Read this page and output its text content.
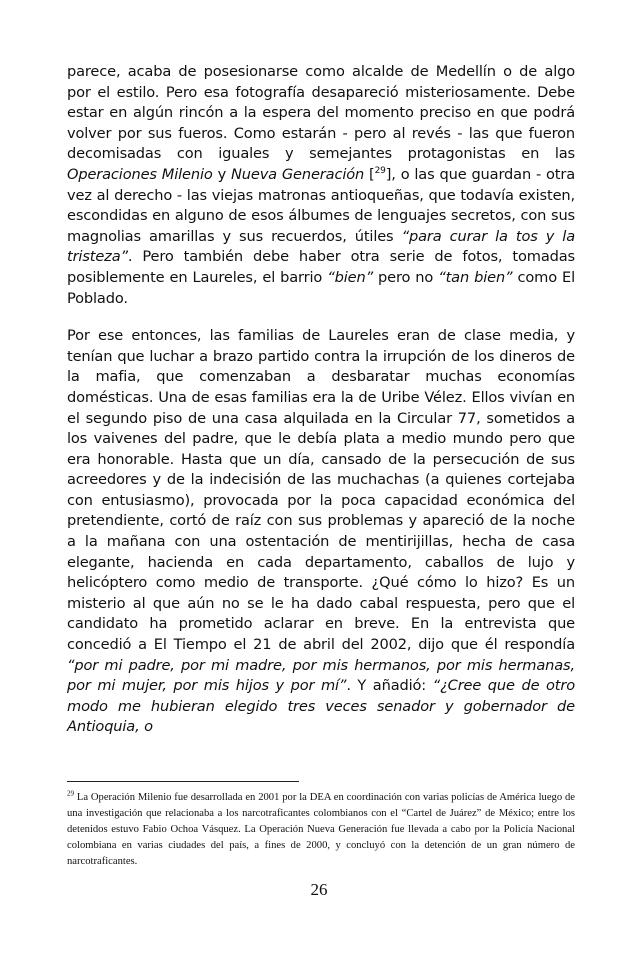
parece, acaba de posesionarse como alcalde de Medellín o de algo por el estilo. Pero esa fotografía desapareció misteriosamente. Debe estar en algún rincón a la espera del momento preciso en que podrá volver por sus fueros. Como estarán - pero al revés - las que fueron decomisadas con iguales y semejantes protagonistas en las Operaciones Milenio y Nueva Generación [$^{29}$], o las que guardan - otra vez al derecho - las viejas matronas antioqueñas, que todavía existen, escondidas en alguno de esos álbumes de lenguajes secretos, con sus magnolias amarillas y sus recuerdos, útiles “para curar la tos y la tristeza”. Pero también debe haber otra serie de fotos, tomadas posiblemente en Laureles, el barrio “bien” pero no “tan bien” como El Poblado.

Por ese entonces, las familias de Laureles eran de clase media, y tenían que luchar a brazo partido contra la irrupción de los dineros de la mafia, que comenzaban a desbaratar muchas economías domésticas. Una de esas familias era la de Uribe Vélez. Ellos vivían en el segundo piso de una casa alquilada en la Circular 77, sometidos a los vaivenes del padre, que le debía plata a medio mundo pero que era honorable. Hasta que un día, cansado de la persecución de sus acreedores y de la indecisión de las muchachas (a quienes cortejaba con entusiasmo), provocada por la poca capacidad económica del pretendiente, cortó de raíz con sus problemas y apareció de la noche a la mañana con una ostentación de mentirijillas, hecha de casa elegante, hacienda en cada departamento, caballos de lujo y helicóptero como medio de transporte. ¿Qué cómo lo hizo? Es un misterio al que aún no se le ha dado cabal respuesta, pero que el candidato ha prometido aclarar en breve. En la entrevista que concedió a El Tiempo el 21 de abril del 2002, dijo que él respondía “por mi padre, por mi madre, por mis hermanos, por mis hermanas, por mi mujer, por mis hijos y por mí”. Y añadió: “¿Cree que de otro modo me hubieran elegido tres veces senador y gobernador de Antioquia, o

$^{29}$ La Operación Milenio fue desarrollada en 2001 por la DEA en coordinación con varias policías de América luego de una investigación que relacionaba a los narcotraficantes colombianos con el “Cartel de Juárez” de México; entre los detenidos estuvo Fabio Ochoa Vásquez. La Operación Nueva Generación fue llevada a cabo por la Policía Nacional colombiana en varias ciudades del país, a fines de 2000, y concluyó con la detención de un gran número de narcotraficantes.

26
